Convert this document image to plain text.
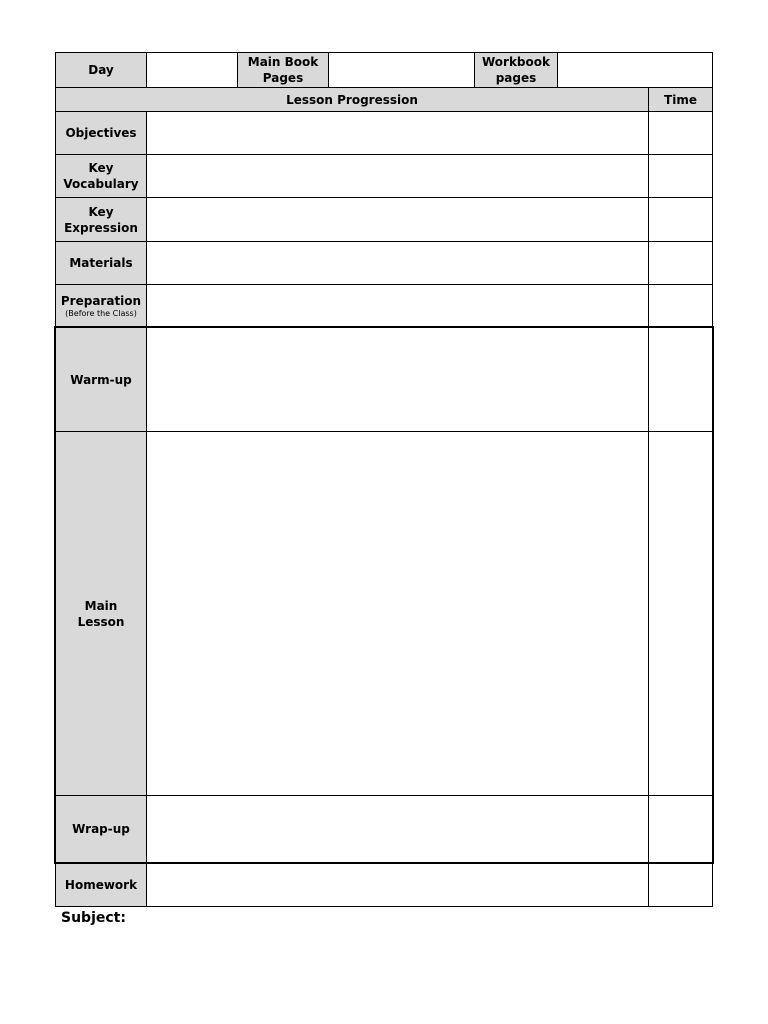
Day
Main Book
Pages
Workbook
pages
Lesson Progression	Time
Objectives
Key
Vocabulary
Key
Expression
Materials
Preparation
(Before the Class)
Warm-up
Main
Lesson
Wrap-up
Homework
Subject:
